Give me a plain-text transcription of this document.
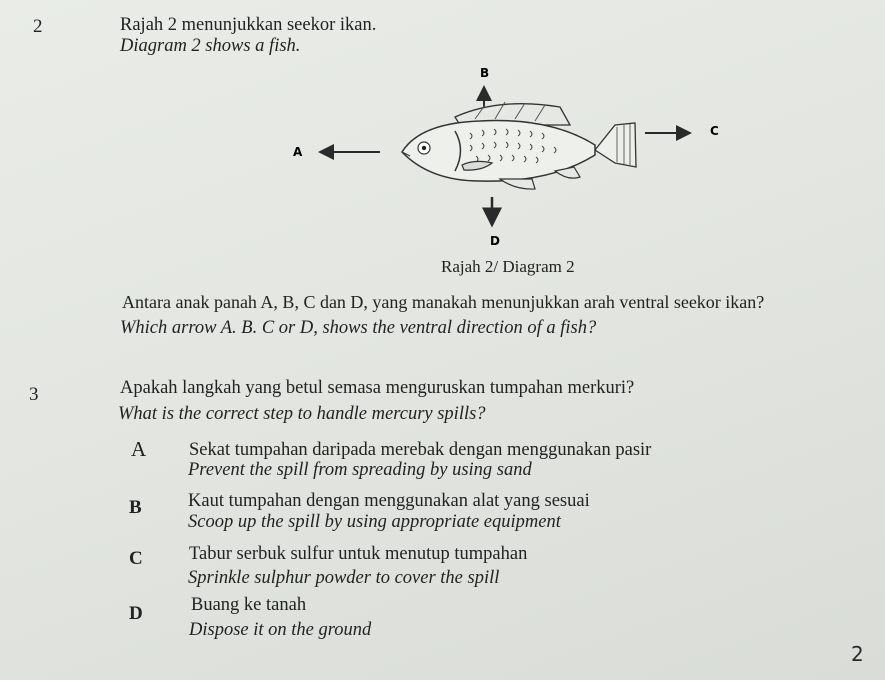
2	Rajah 2 menunjukkan seekor ikan.
Diagram 2 shows a fish.
B
A
C
D
Rajah 2/ Diagram 2
Antara anak panah A, B, C dan D, yang manakah menunjukkan arah ventral seekor ikan?
Which arrow A. B. C or D, shows the ventral direction of a fish?
3	Apakah langkah yang betul semasa menguruskan tumpahan merkuri?
What is the correct step to handle mercury spills?
A Sekat tumpahan daripada merebak dengan menggunakan pasir
Prevent the spill from spreading by using sand
B	Kaut tumpahan dengan menggunakan alat yang sesuai
Scoop up the spill by using appropriate equipment
C	Tabur serbuk sulfur untuk menutup tumpahan
Sprinkle sulphur powder to cover the spill
D	Buang ke tanah
Dispose it on the ground
2
